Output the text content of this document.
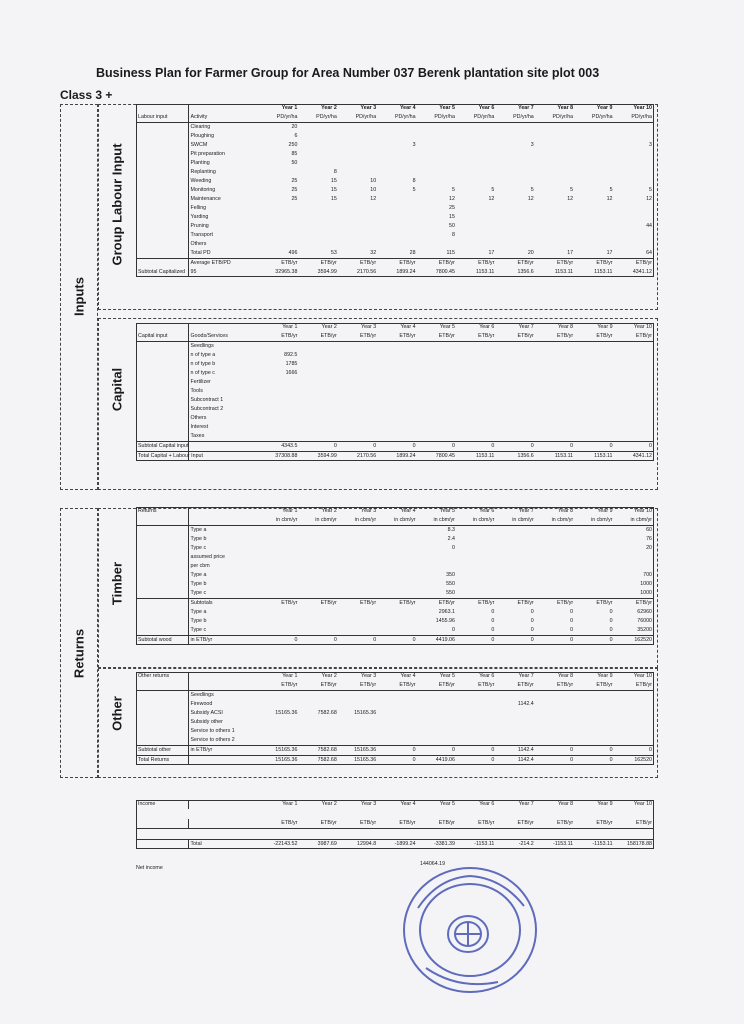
Business Plan for Farmer Group for Area Number 037 Berenk plantation site plot 003
Class 3 +
Inputs
Group Labour Input
Capital
Returns
Timber
Other
		Year 1	Year 2	Year 3	Year 4	Year 5	Year 6	Year 7	Year 8	Year 9	Year 10
Labour input	Activity	PD/yr/ha	PD/yr/ha	PD/yr/ha	PD/yr/ha	PD/yr/ha	PD/yr/ha	PD/yr/ha	PD/yr/ha	PD/yr/ha	PD/yr/ha
	Clearing	20									
	Ploughing	6									
	SWCM	250			3			3			3
	Pit preparation	85									
	Planting	50									
	Replanting		8								
	Weeding	25	15	10	8						
	Monitoring	25	15	10	5	5	5	5	5	5	5
	Maintenance	25	15	12		12	12	12	12	12	12
	Felling					25					
	Yarding					15					
	Pruning					50					44
	Transport					8					
	Others										
	Total PD	496	53	32	28	115	17	20	17	17	64
	Average ETB/PD	ETB/yr	ETB/yr	ETB/yr	ETB/yr	ETB/yr	ETB/yr	ETB/yr	ETB/yr	ETB/yr	ETB/yr
Subtotal Capitalized	95	32965.38	3594.99	2170.56	1899.24	7800.45	1153.11	1356.6	1153.11	1153.11	4341.12
		Year 1	Year 2	Year 3	Year 4	Year 5	Year 6	Year 7	Year 8	Year 9	Year 10
Capital input	Goods/Services	ETB/yr	ETB/yr	ETB/yr	ETB/yr	ETB/yr	ETB/yr	ETB/yr	ETB/yr	ETB/yr	ETB/yr
	Seedlings										
	n of type a	892.5									
	n of type b	1785									
	n of type c	1666									
	Fertilizer										
	Tools										
	Subcontract 1										
	Subcontract 2										
	Others										
	Interest										
	Taxes										
Subtotal Capital input		4343.5	0	0	0	0	0	0	0	0	0
Total Capital + Labour Input		37308.88	3594.99	2170.56	1899.24	7800.45	1153.11	1356.6	1153.11	1153.11	4341.12
Returns		Year 1	Year 2	Year 3	Year 4	Year 5	Year 6	Year 7	Year 8	Year 9	Year 10
		in cbm/yr	in cbm/yr	in cbm/yr	in cbm/yr	in cbm/yr	in cbm/yr	in cbm/yr	in cbm/yr	in cbm/yr	in cbm/yr
	Type a					8.3					60
	Type b					2.4					76
	Type c					0					20
	assumed price										
	per cbm										
	Type a					350					700
	Type b					550					1000
	Type c					550					1000
	Subtotals	ETB/yr	ETB/yr	ETB/yr	ETB/yr	ETB/yr	ETB/yr	ETB/yr	ETB/yr	ETB/yr	ETB/yr
	Type a					2963.1	0	0	0	0	62960
	Type b					1455.96	0	0	0	0	76000
	Type c					0	0	0	0	0	35200
Subtotal wood	in ETB/yr	0	0	0	0	4419.06	0	0	0	0	162520
Other returns		Year 1	Year 2	Year 3	Year 4	Year 5	Year 6	Year 7	Year 8	Year 9	Year 10
		ETB/yr	ETB/yr	ETB/yr	ETB/yr	ETB/yr	ETB/yr	ETB/yr	ETB/yr	ETB/yr	ETB/yr
	Seedlings										
	Firewood							1142.4			
	Subsidy ACSI	15165.36	7582.68	15165.36							
	Subsidy other										
	Service to others 1										
	Service to others 2										
Subtotal other	in ETB/yr	15165.36	7582.68	15165.36	0	0	0	1142.4	0	0	0
Total Returns		15165.36	7582.68	15165.36	0	4419.06	0	1142.4	0	0	162520
Income		Year 1	Year 2	Year 3	Year 4	Year 5	Year 6	Year 7	Year 8	Year 9	Year 10

		ETB/yr	ETB/yr	ETB/yr	ETB/yr	ETB/yr	ETB/yr	ETB/yr	ETB/yr	ETB/yr	ETB/yr

	Total	-22143.52	3987.69	12994.8	-1899.24	-3381.39	-1153.11	-214.2	-1153.11	-1153.11	158178.88
Net income
144064.19
